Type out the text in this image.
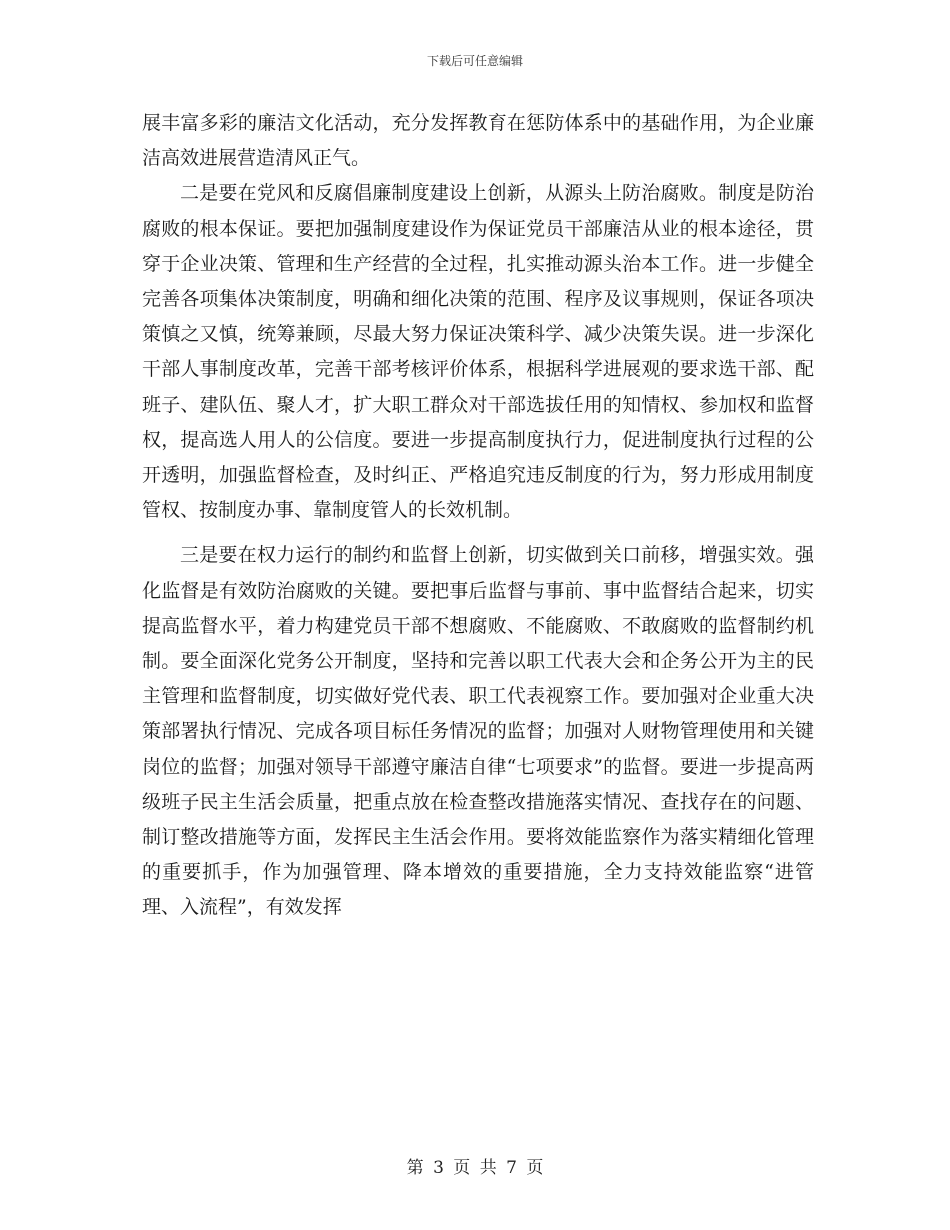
下载后可任意编辑

展丰富多彩的廉洁文化活动，充分发挥教育在惩防体系中的基础作用，为企业廉洁高效进展营造清风正气。

二是要在党风和反腐倡廉制度建设上创新，从源头上防治腐败。制度是防治腐败的根本保证。要把加强制度建设作为保证党员干部廉洁从业的根本途径，贯穿于企业决策、管理和生产经营的全过程，扎实推动源头治本工作。进一步健全完善各项集体决策制度，明确和细化决策的范围、程序及议事规则，保证各项决策慎之又慎，统筹兼顾，尽最大努力保证决策科学、减少决策失误。进一步深化干部人事制度改革，完善干部考核评价体系，根据科学进展观的要求选干部、配班子、建队伍、聚人才，扩大职工群众对干部选拔任用的知情权、参加权和监督权，提高选人用人的公信度。要进一步提高制度执行力，促进制度执行过程的公开透明，加强监督检查，及时纠正、严格追究违反制度的行为，努力形成用制度管权、按制度办事、靠制度管人的长效机制。

三是要在权力运行的制约和监督上创新，切实做到关口前移，增强实效。强化监督是有效防治腐败的关键。要把事后监督与事前、事中监督结合起来，切实提高监督水平，着力构建党员干部不想腐败、不能腐败、不敢腐败的监督制约机制。要全面深化党务公开制度，坚持和完善以职工代表大会和企务公开为主的民主管理和监督制度，切实做好党代表、职工代表视察工作。要加强对企业重大决策部署执行情况、完成各项目标任务情况的监督；加强对人财物管理使用和关键岗位的监督；加强对领导干部遵守廉洁自律“七项要求”的监督。要进一步提高两级班子民主生活会质量，把重点放在检查整改措施落实情况、查找存在的问题、制订整改措施等方面，发挥民主生活会作用。要将效能监察作为落实精细化管理的重要抓手，作为加强管理、降本增效的重要措施，全力支持效能监察“进管理、入流程”，有效发挥

第 3 页 共 7 页
